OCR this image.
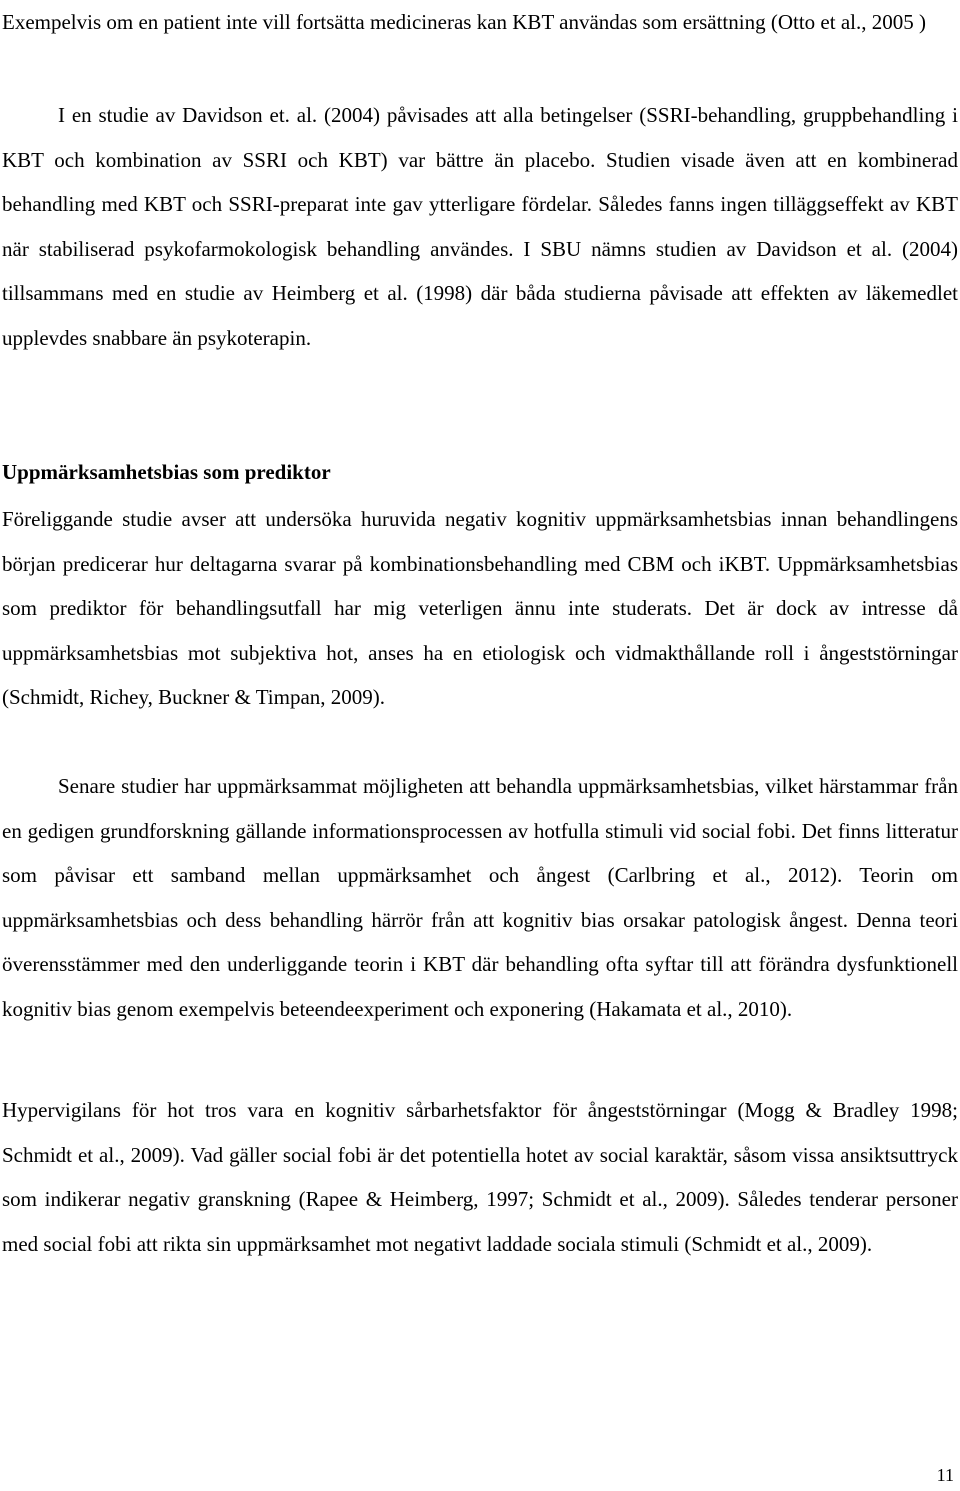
Exempelvis om en patient inte vill fortsätta medicineras kan KBT användas som ersättning (Otto et al., 2005 )

I en studie av Davidson et. al. (2004) påvisades att alla betingelser (SSRI-behandling, gruppbehandling i KBT och kombination av SSRI och KBT) var bättre än placebo. Studien visade även att en kombinerad behandling med KBT och SSRI-preparat inte gav ytterligare fördelar. Således fanns ingen tilläggseffekt av KBT när stabiliserad psykofarmokologisk behandling användes. I SBU nämns studien av Davidson et al. (2004) tillsammans med en studie av Heimberg et al. (1998) där båda studierna påvisade att effekten av läkemedlet upplevdes snabbare än psykoterapin.

Uppmärksamhetsbias som prediktor

Föreliggande studie avser att undersöka huruvida negativ kognitiv uppmärksamhetsbias innan behandlingens början predicerar hur deltagarna svarar på kombinationsbehandling med CBM och iKBT. Uppmärksamhetsbias som prediktor för behandlingsutfall har mig veterligen ännu inte studerats. Det är dock av intresse då uppmärksamhetsbias mot subjektiva hot, anses ha en etiologisk och vidmakthållande roll i ångeststörningar (Schmidt, Richey, Buckner & Timpan, 2009).

Senare studier har uppmärksammat möjligheten att behandla uppmärksamhetsbias, vilket härstammar från en gedigen grundforskning gällande informationsprocessen av hotfulla stimuli vid social fobi. Det finns litteratur som påvisar ett samband mellan uppmärksamhet och ångest (Carlbring et al., 2012). Teorin om uppmärksamhetsbias och dess behandling härrör från att kognitiv bias orsakar patologisk ångest. Denna teori överensstämmer med den underliggande teorin i KBT där behandling ofta syftar till att förändra dysfunktionell kognitiv bias genom exempelvis beteendeexperiment och exponering (Hakamata et al., 2010).

Hypervigilans för hot tros vara en kognitiv sårbarhetsfaktor för ångeststörningar (Mogg & Bradley 1998; Schmidt et al., 2009). Vad gäller social fobi är det potentiella hotet av social karaktär, såsom vissa ansiktsuttryck som indikerar negativ granskning (Rapee & Heimberg, 1997; Schmidt et al., 2009). Således tenderar personer med social fobi att rikta sin uppmärksamhet mot negativt laddade sociala stimuli (Schmidt et al., 2009).

11
